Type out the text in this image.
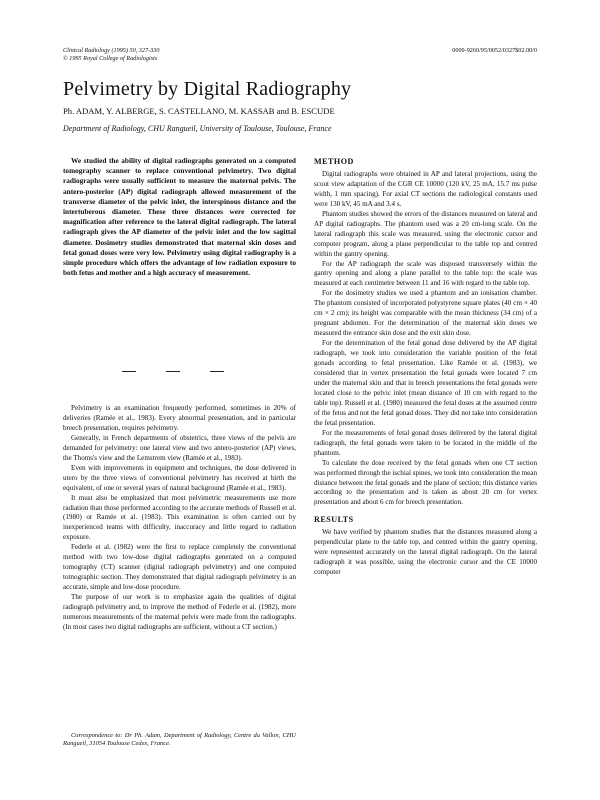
Clinical Radiology (1995) 50, 327-330
© 1995 Royal College of Radiologists
0009-9260/95/0052/0327$02.00/0
Pelvimetry by Digital Radiography
Ph. ADAM, Y. ALBERGE, S. CASTELLANO, M. KASSAB and B. ESCUDE
Department of Radiology, CHU Rangueil, University of Toulouse, Toulouse, France

We studied the ability of digital radiographs generated on a computed tomography scanner to replace conventional pelvimetry. Two digital radiographs were usually sufficient to measure the maternal pelvis. The antero-posterior (AP) digital radiograph allowed measurement of the transverse diameter of the pelvic inlet, the interspinous distance and the intertuberous diameter. These three distances were corrected for magnification after reference to the lateral digital radiograph. The lateral radiograph gives the AP diameter of the pelvic inlet and the low sagittal diameter. Dosimetry studies demonstrated that maternal skin doses and fetal gonad doses were very low. Pelvimetry using digital radiography is a simple procedure which offers the advantage of low radiation exposure to both fetus and mother and a high accuracy of measurement.

Pelvimetry is an examination frequently performed, sometimes in 20% of deliveries (Ramée et al., 1983). Every abnormal presentation, and in particular breech presentation, requires pelvimetry.

Generally, in French departments of obstetrics, three views of the pelvis are demanded for pelvimetry: one lateral view and two antero-posterior (AP) views, the Thoms's view and the Lemstrem view (Ramée et al., 1983).

Even with improvements in equipment and techniques, the dose delivered in utero by the three views of conventional pelvimetry has received at birth the equivalent, of one or several years of natural background (Ramée et al., 1983).

It must also be emphasized that most pelvimetric measurements use more radiation than those performed according to the accurate methods of Russell et al. (1980) or Ramée et al. (1983). This examination is often carried out by inexperienced teams with difficulty, inaccuracy and little regard to radiation exposure.

Federle et al. (1982) were the first to replace completely the conventional method with two low-dose digital radiographs generated on a computed tomography (CT) scanner (digital radiograph pelvimetry) and one computed tomographic section. They demonstrated that digital radiograph pelvimetry is an accurate, simple and low-dose procedure.

The purpose of our work is to emphasize again the qualities of digital radiograph pelvimetry and, to improve the method of Federle et al. (1982), more numerous measurements of the maternal pelvis were made from the radiographs. (In most cases two digital radiographs are sufficient, without a CT section.)

Correspondence to: Dr Ph. Adam, Department of Radiology, Centre du Vallon, CHU Rangueil, 31054 Toulouse Cedex, France.

METHOD

Digital radiographs were obtained in AP and lateral projections, using the scout view adaptation of the CGR CE 10000 (120 kV, 25 mA, 15.7 ms pulse width, 1 mm spacing). For axial CT sections the radiological constants used were 130 kV, 45 mA and 3.4 s.

Phantom studies showed the errors of the distances measured on lateral and AP digital radiographs. The phantom used was a 20 cm-long scale. On the lateral radiograph this scale was measured, using the electronic cursor and computer program, along a plane perpendicular to the table top and centred within the gantry opening.

For the AP radiograph the scale was disposed transversely within the gantry opening and along a plane parallel to the table top: the scale was measured at each centimetre between 11 and 16 with regard to the table top.

For the dosimetry studies we used a phantom and an ionisation chamber. The phantom consisted of incorporated polystyrene square plates (40 cm × 40 cm × 2 cm); its height was comparable with the mean thickness (34 cm) of a pregnant abdomen. For the determination of the maternal skin doses we measured the entrance skin dose and the exit skin dose.

For the determination of the fetal gonad dose delivered by the AP digital radiograph, we took into consideration the variable position of the fetal gonads according to fetal presentation. Like Ramée et al. (1983), we considered that in vertex presentation the fetal gonads were located 7 cm under the maternal skin and that in breech presentations the fetal gonads were located close to the pelvic inlet (mean distance of 10 cm with regard to the table top). Russell et al. (1980) measured the fetal doses at the assumed centre of the fetus and not the fetal gonad doses. They did not take into consideration the fetal presentation.

For the measurements of fetal gonad doses delivered by the lateral digital radiograph, the fetal gonads were taken to be located in the middle of the phantom.

To calculate the dose received by the fetal gonads when one CT section was performed through the ischial spines, we took into consideration the mean distance between the fetal gonads and the plane of section; this distance varies according to the presentation and is taken as about 20 cm for vertex presentation and about 6 cm for breech presentation.

RESULTS

We have verified by phantom studies that the distances measured along a perpendicular plane to the table top, and centred within the gantry opening, were represented accurately on the lateral digital radiograph. On the lateral radiograph it was possible, using the electronic cursor and the CE 10000 computer
